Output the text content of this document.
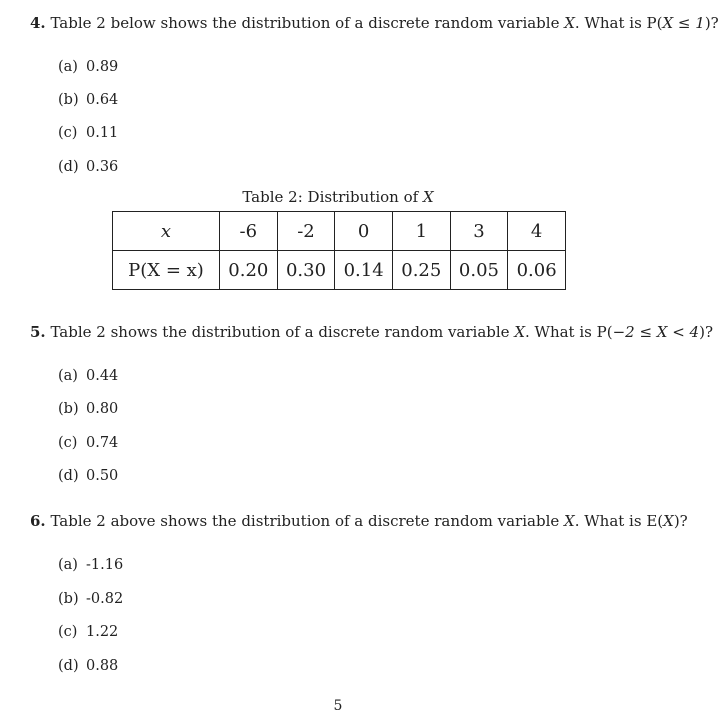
4. Table 2 below shows the distribution of a discrete random variable X. What is P(X ≤ 1)?
(a) 0.89
(b) 0.64
(c) 0.11
(d) 0.36
Table 2: Distribution of X
x	-6	-2	0	1	3	4
P(X = x)	0.20	0.30	0.14	0.25	0.05	0.06
5. Table 2 shows the distribution of a discrete random variable X. What is P(−2 ≤ X < 4)?
(a) 0.44
(b) 0.80
(c) 0.74
(d) 0.50
6. Table 2 above shows the distribution of a discrete random variable X. What is E(X)?
(a) -1.16
(b) -0.82
(c) 1.22
(d) 0.88
5
